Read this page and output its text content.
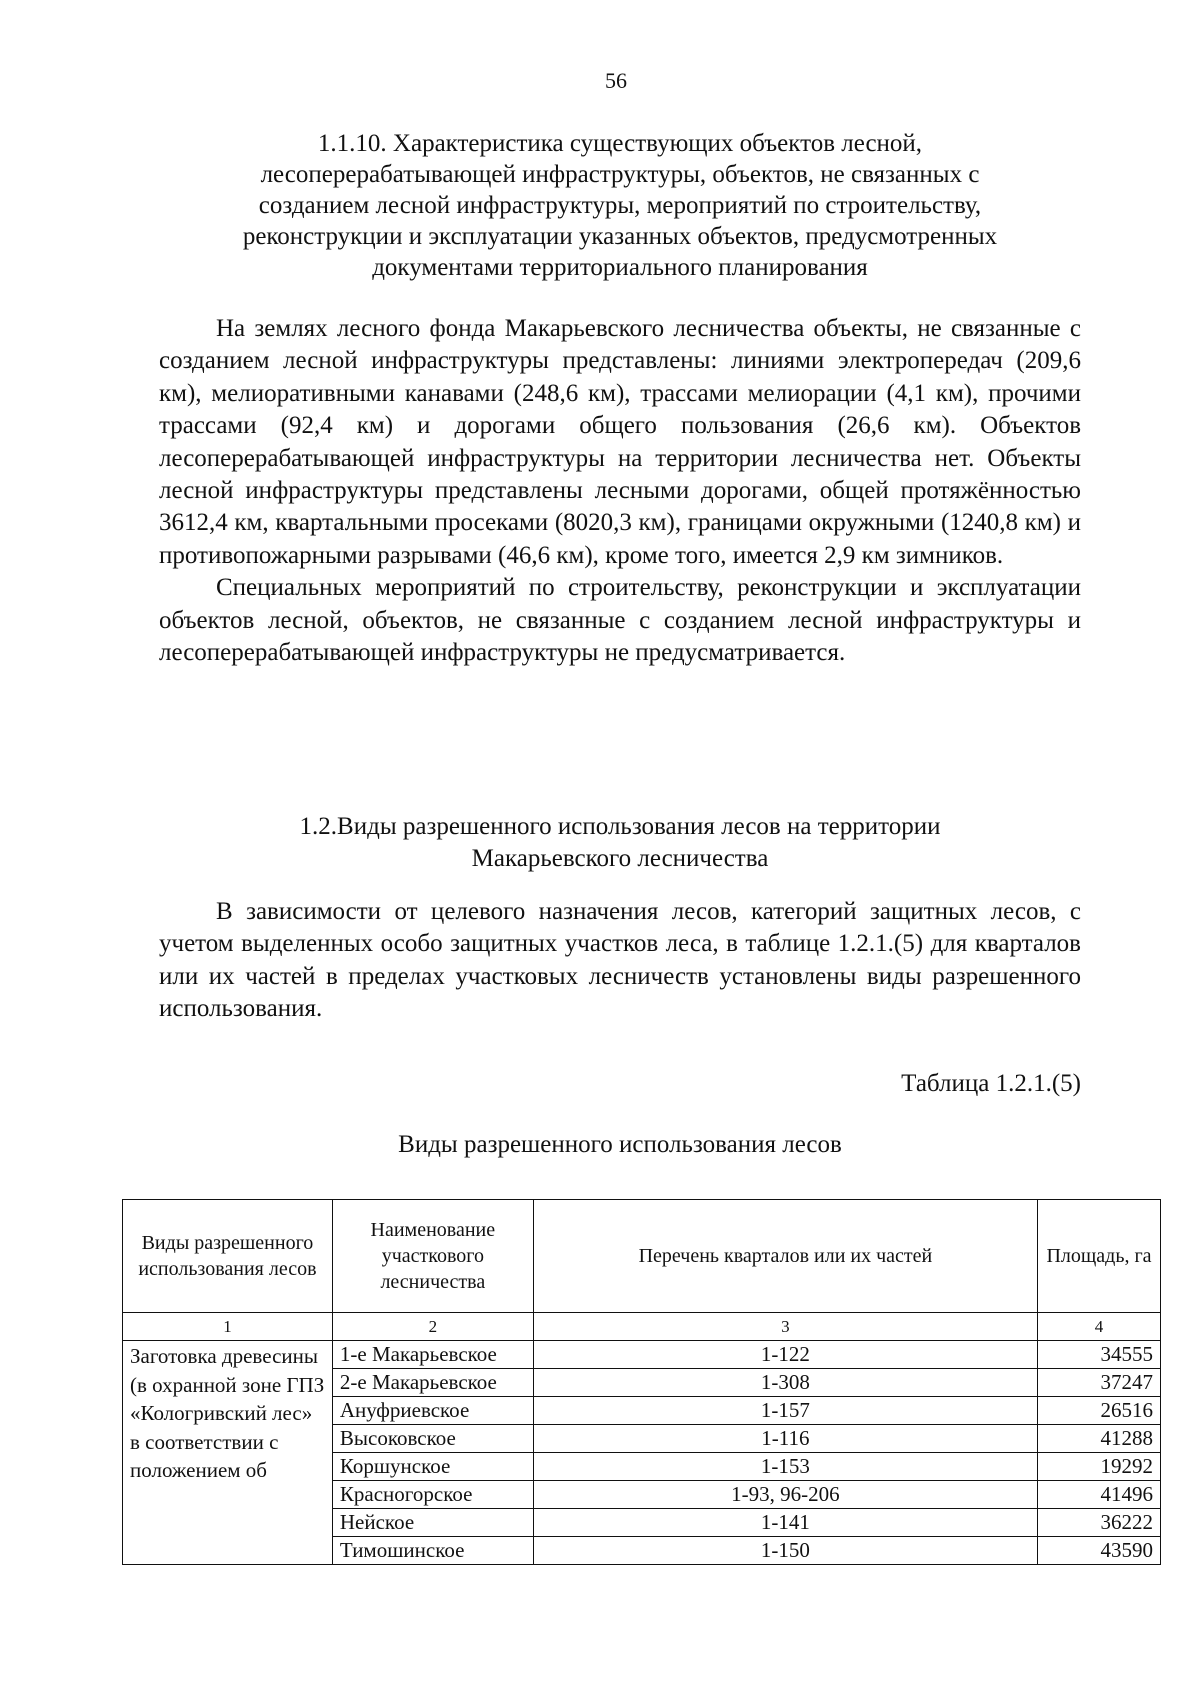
56
1.1.10. Характеристика существующих объектов лесной,
лесоперерабатывающей инфраструктуры, объектов, не связанных с
созданием лесной инфраструктуры, мероприятий по строительству,
реконструкции и эксплуатации указанных объектов, предусмотренных
документами территориального планирования

На землях лесного фонда Макарьевского лесничества объекты, не связанные с созданием лесной инфраструктуры представлены: линиями электропередач (209,6 км), мелиоративными канавами (248,6 км), трассами мелиорации (4,1 км), прочими трассами (92,4 км) и дорогами общего пользования (26,6 км). Объектов лесоперерабатывающей инфраструктуры на территории лесничества нет. Объекты лесной инфраструктуры представлены лесными дорогами, общей протяжённостью 3612,4 км, квартальными просеками (8020,3 км), границами окружными (1240,8 км) и противопожарными разрывами (46,6 км), кроме того, имеется 2,9 км зимников.

Специальных мероприятий по строительству, реконструкции и эксплуатации объектов лесной, объектов, не связанные с созданием лесной инфраструктуры и лесоперерабатывающей инфраструктуры не предусматривается.

1.2.Виды разрешенного использования лесов на территории
Макарьевского лесничества

В зависимости от целевого назначения лесов, категорий защитных лесов, с учетом выделенных особо защитных участков леса, в таблице 1.2.1.(5) для кварталов или их частей в пределах участковых лесничеств установлены виды разрешенного использования.

Таблица 1.2.1.(5)
Виды разрешенного использования лесов
Виды разрешенного использования лесов	Наименование участкового лесничества	Перечень кварталов или их частей	Площадь, га
1	2	3	4
Заготовка древесины (в охранной зоне ГПЗ «Кологривский лес» в соответствии с положением об	1-е Макарьевское	1-122	34555
	2-е Макарьевское	1-308	37247
	Ануфриевское	1-157	26516
	Высоковское	1-116	41288
	Коршунское	1-153	19292
	Красногорское	1-93, 96-206	41496
	Нейское	1-141	36222
	Тимошинское	1-150	43590
